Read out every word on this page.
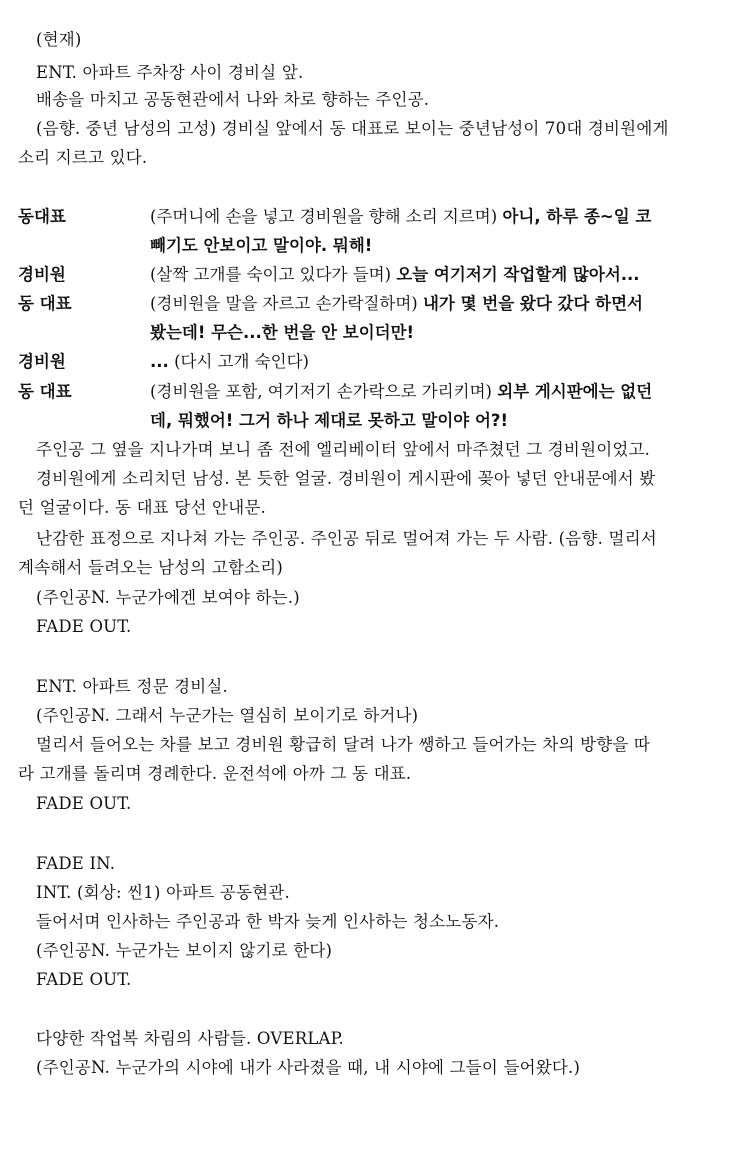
(현재)
ENT. 아파트 주차장 사이 경비실 앞.
배송을 마치고 공동현관에서 나와 차로 향하는 주인공.
(음향. 중년 남성의 고성) 경비실 앞에서 동 대표로 보이는 중년남성이 70대 경비원에게
소리 지르고 있다.
동대표	(주머니에 손을 넣고 경비원을 향해 소리 지르며) 아니, 하루 종~일 코
빼기도 안보이고 말이야. 뭐해!
경비원	(살짝 고개를 숙이고 있다가 들며) 오늘 여기저기 작업할게 많아서...
동 대표	(경비원을 말을 자르고 손가락질하며) 내가 몇 번을 왔다 갔다 하면서
봤는데! 무슨...한 번을 안 보이더만!
경비원	... (다시 고개 숙인다)
동 대표	(경비원을 포함, 여기저기 손가락으로 가리키며) 외부 게시판에는 없던
데, 뭐했어! 그거 하나 제대로 못하고 말이야 어?!
주인공 그 옆을 지나가며 보니 좀 전에 엘리베이터 앞에서 마주쳤던 그 경비원이었고.
경비원에게 소리치던 남성. 본 듯한 얼굴. 경비원이 게시판에 꽂아 넣던 안내문에서 봤
던 얼굴이다. 동 대표 당선 안내문.
난감한 표정으로 지나쳐 가는 주인공. 주인공 뒤로 멀어져 가는 두 사람. (음향. 멀리서
계속해서 들려오는 남성의 고함소리)
(주인공N. 누군가에겐 보여야 하는.)
FADE OUT.
ENT. 아파트 정문 경비실.
(주인공N. 그래서 누군가는 열심히 보이기로 하거나)
멀리서 들어오는 차를 보고 경비원 황급히 달려 나가 쌩하고 들어가는 차의 방향을 따
라 고개를 돌리며 경례한다. 운전석에 아까 그 동 대표.
FADE OUT.
FADE IN.
INT. (회상: 씬1) 아파트 공동현관.
들어서며 인사하는 주인공과 한 박자 늦게 인사하는 청소노동자.
(주인공N. 누군가는 보이지 않기로 한다)
FADE OUT.
다양한 작업복 차림의 사람들. OVERLAP.
(주인공N. 누군가의 시야에 내가 사라졌을 때, 내 시야에 그들이 들어왔다.)
